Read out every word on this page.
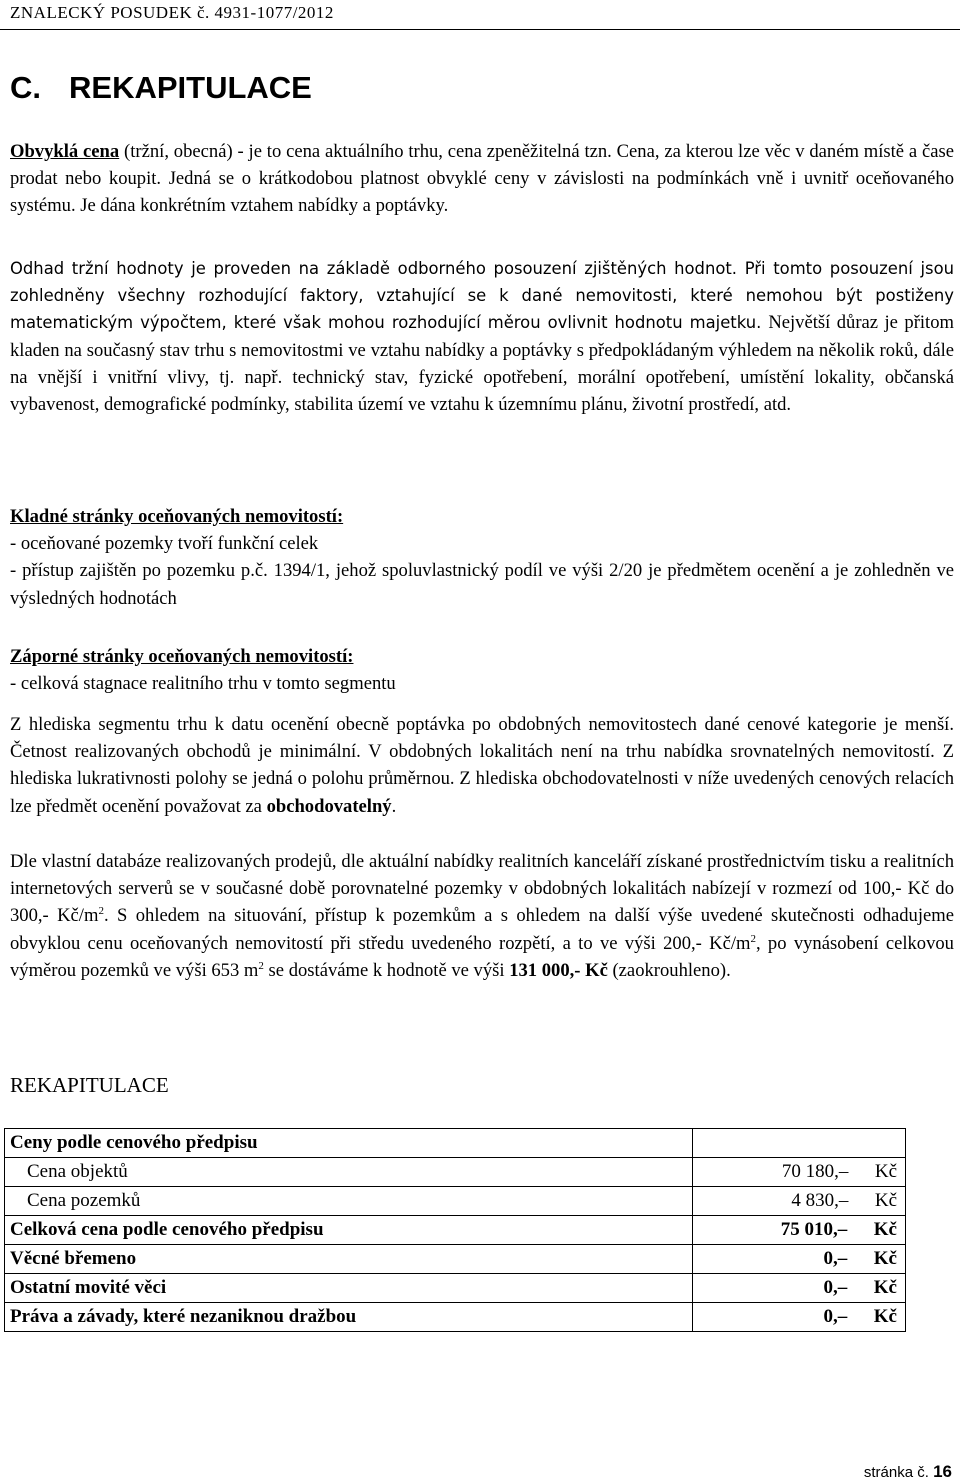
ZNALECKÝ POSUDEK č. 4931-1077/2012
C. REKAPITULACE

Obvyklá cena (tržní, obecná) - je to cena aktuálního trhu, cena zpeněžitelná tzn. Cena, za kterou lze věc v daném místě a čase prodat nebo koupit. Jedná se o krátkodobou platnost obvyklé ceny v závislosti na podmínkách vně i uvnitř oceňovaného systému. Je dána konkrétním vztahem nabídky a poptávky.

Odhad tržní hodnoty je proveden na základě odborného posouzení zjištěných hodnot. Při tomto posouzení jsou zohledněny všechny rozhodující faktory, vztahující se k dané nemovitosti, které nemohou být postiženy matematickým výpočtem, které však mohou rozhodující měrou ovlivnit hodnotu majetku. Největší důraz je přitom kladen na současný stav trhu s nemovitostmi ve vztahu nabídky a poptávky s předpokládaným výhledem na několik roků, dále na vnější i vnitřní vlivy, tj. např. technický stav, fyzické opotřebení, morální opotřebení, umístění lokality, občanská vybavenost, demografické podmínky, stabilita území ve vztahu k územnímu plánu, životní prostředí, atd.

Kladné stránky oceňovaných nemovitostí:
- oceňované pozemky tvoří funkční celek
- přístup zajištěn po pozemku p.č. 1394/1, jehož spoluvlastnický podíl ve výši 2/20 je předmětem ocenění a je zohledněn ve výsledných hodnotách
Záporné stránky oceňovaných nemovitostí:
- celková stagnace realitního trhu v tomto segmentu

Z hlediska segmentu trhu k datu ocenění obecně poptávka po obdobných nemovitostech dané cenové kategorie je menší. Četnost realizovaných obchodů je minimální. V obdobných lokalitách není na trhu nabídka srovnatelných nemovitostí. Z hlediska lukrativnosti polohy se jedná o polohu průměrnou. Z hlediska obchodovatelnosti v níže uvedených cenových relacích lze předmět ocenění považovat za obchodovatelný.

Dle vlastní databáze realizovaných prodejů, dle aktuální nabídky realitních kanceláří získané prostřednictvím tisku a realitních internetových serverů se v současné době porovnatelné pozemky v obdobných lokalitách nabízejí v rozmezí od 100,- Kč do 300,- $Kč/m^2$. S ohledem na situování, přístup k pozemkům a s ohledem na další výše uvedené skutečnosti odhadujeme obvyklou cenu oceňovaných nemovitostí při středu uvedeného rozpětí, a to ve výši 200,- $Kč/m^2$, po vynásobení celkovou výměrou pozemků ve výši 653 $m^2$ se dostáváme k hodnotě ve výši 131 000,- Kč (zaokrouhleno).

REKAPITULACE
Ceny podle cenového předpisu	
Cena objektů	70 180,– Kč
Cena pozemků	4 830,– Kč
Celková cena podle cenového předpisu	75 010,– Kč
Věcné břemeno	0,– Kč
Ostatní movité věci	0,– Kč
Práva a závady, které nezaniknou dražbou	0,– Kč
stránka č. 16
